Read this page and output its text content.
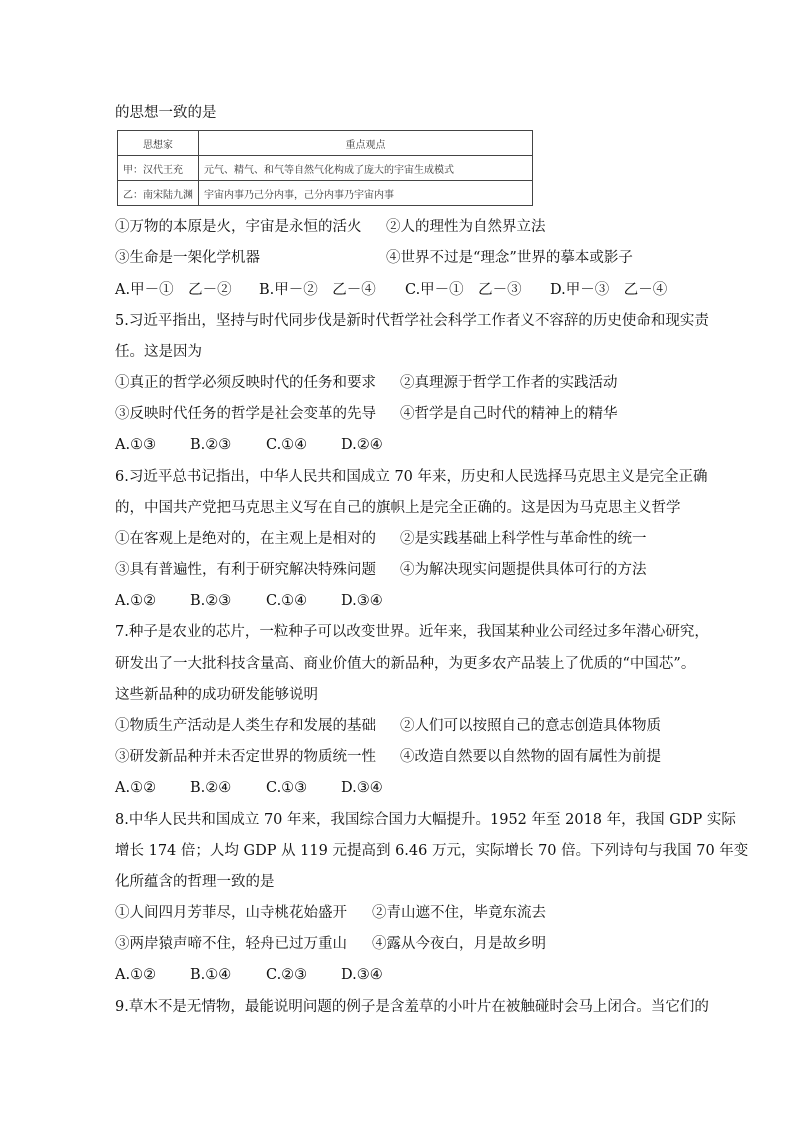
的思想一致的是
思想家	重点观点
甲：汉代王充	元气、精气、和气等自然气化构成了庞大的宇宙生成模式
乙：南宋陆九渊	宇宙内事乃己分内事，己分内事乃宇宙内事
①万物的本原是火，宇宙是永恒的活火 ②人的理性为自然界立法
③生命是一架化学机器	④世界不过是“理念”世界的摹本或影子
A.甲－①　乙－② B.甲－②　乙－④ C.甲－①　乙－③ D.甲－③　乙－④
5.习近平指出，坚持与时代同步伐是新时代哲学社会科学工作者义不容辞的历史使命和现实责
任。这是因为
①真正的哲学必须反映时代的任务和要求 ②真理源于哲学工作者的实践活动
③反映时代任务的哲学是社会变革的先导 ④哲学是自己时代的精神上的精华
A.①③ B.②③ C.①④ D.②④
6.习近平总书记指出，中华人民共和国成立 70 年来，历史和人民选择马克思主义是完全正确
的，中国共产党把马克思主义写在自己的旗帜上是完全正确的。这是因为马克思主义哲学
①在客观上是绝对的，在主观上是相对的 ②是实践基础上科学性与革命性的统一
③具有普遍性，有利于研究解决特殊问题 ④为解决现实问题提供具体可行的方法
A.①② B.②③ C.①④ D.③④
7.种子是农业的芯片，一粒种子可以改变世界。近年来，我国某种业公司经过多年潜心研究，
研发出了一大批科技含量高、商业价值大的新品种，为更多农产品装上了优质的“中国芯”。
这些新品种的成功研发能够说明
①物质生产活动是人类生存和发展的基础 ②人们可以按照自己的意志创造具体物质
③研发新品种并未否定世界的物质统一性 ④改造自然要以自然物的固有属性为前提
A.①② B.②④ C.①③ D.③④
8.中华人民共和国成立 70 年来，我国综合国力大幅提升。1952 年至 2018 年，我国 GDP 实际
增长 174 倍；人均 GDP 从 119 元提高到 6.46 万元，实际增长 70 倍。下列诗句与我国 70 年变
化所蕴含的哲理一致的是
①人间四月芳菲尽，山寺桃花始盛开 ②青山遮不住，毕竟东流去
③两岸猿声啼不住，轻舟已过万重山 ④露从今夜白，月是故乡明
A.①② B.①④ C.②③ D.③④
9.草木不是无情物，最能说明问题的例子是含羞草的小叶片在被触碰时会马上闭合。当它们的
